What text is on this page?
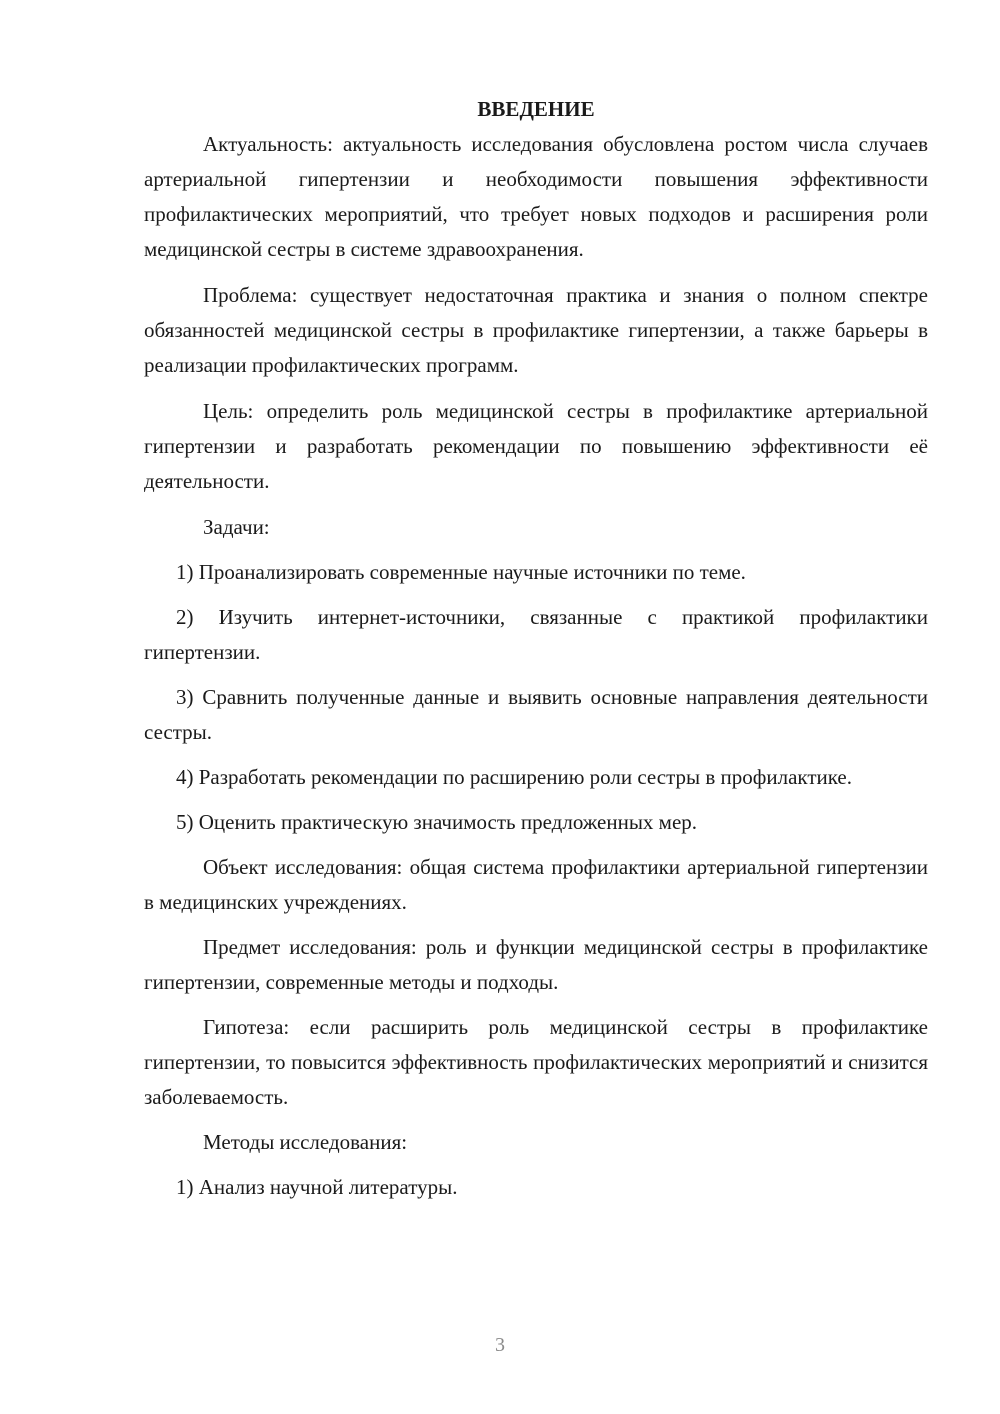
ВВЕДЕНИЕ

Актуальность: актуальность исследования обусловлена ростом числа случаев артериальной гипертензии и необходимости повышения эффективности профилактических мероприятий, что требует новых подходов и расширения роли медицинской сестры в системе здравоохранения.

Проблема: существует недостаточная практика и знания о полном спектре обязанностей медицинской сестры в профилактике гипертензии, а также барьеры в реализации профилактических программ.

Цель: определить роль медицинской сестры в профилактике артериальной гипертензии и разработать рекомендации по повышению эффективности её деятельности.

Задачи:

1) Проанализировать современные научные источники по теме.

2) Изучить интернет-источники, связанные с практикой профилактики гипертензии.

3) Сравнить полученные данные и выявить основные направления деятельности сестры.

4) Разработать рекомендации по расширению роли сестры в профилактике.

5) Оценить практическую значимость предложенных мер.

Объект исследования: общая система профилактики артериальной гипертензии в медицинских учреждениях.

Предмет исследования: роль и функции медицинской сестры в профилактике гипертензии, современные методы и подходы.

Гипотеза: если расширить роль медицинской сестры в профилактике гипертензии, то повысится эффективность профилактических мероприятий и снизится заболеваемость.

Методы исследования:

1) Анализ научной литературы.

3
